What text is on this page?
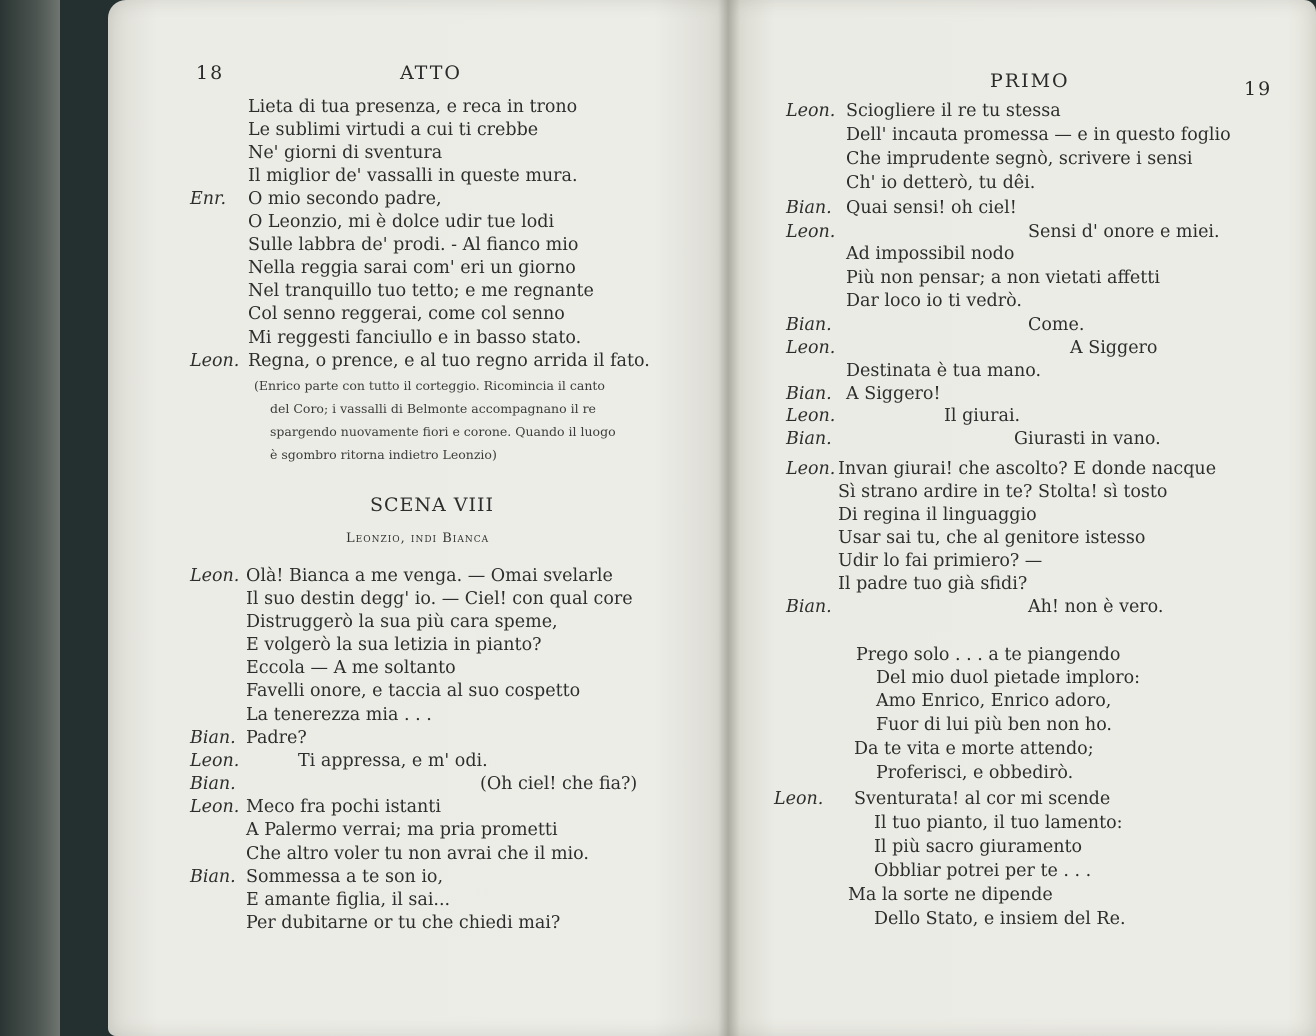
18	ATTO
Lieta di tua presenza, e reca in trono
Le sublimi virtudi a cui ti crebbe
Ne' giorni di sventura
Il miglior de' vassalli in queste mura.
Enr. O mio secondo padre,
O Leonzio, mi è dolce udir tue lodi
Sulle labbra de' prodi. - Al fianco mio
Nella reggia sarai com' eri un giorno
Nel tranquillo tuo tetto; e me regnante
Col senno reggerai, come col senno
Mi reggesti fanciullo e in basso stato.
Leon. Regna, o prence, e al tuo regno arrida il fato.
(Enrico parte con tutto il corteggio. Ricomincia il canto
del Coro; i vassalli di Belmonte accompagnano il re
spargendo nuovamente fiori e corone. Quando il luogo
è sgombro ritorna indietro Leonzio)
SCENA VIII
Leonzio, indi Bianca
Leon. Olà! Bianca a me venga. — Omai svelarle
Il suo destin degg' io. — Ciel! con qual core
Distruggerò la sua più cara speme,
E volgerò la sua letizia in pianto?
Eccola — A me soltanto
Favelli onore, e taccia al suo cospetto
La tenerezza mia . . .
Bian. Padre?
Leon.	Ti appressa, e m' odi.
Bian.	(Oh ciel! che fia?)
Leon. Meco fra pochi istanti
A Palermo verrai; ma pria prometti
Che altro voler tu non avrai che il mio.
Bian. Sommessa a te son io,
E amante figlia, il sai...
Per dubitarne or tu che chiedi mai?
PRIMO	19
Leon. Sciogliere il re tu stessa
Dell' incauta promessa — e in questo foglio
Che imprudente segnò, scrivere i sensi
Ch' io detterò, tu dêi.
Bian. Quai sensi! oh ciel!
Leon.	Sensi d' onore e miei.
Ad impossibil nodo
Più non pensar; a non vietati affetti
Dar loco io ti vedrò.
Bian.	Come.
Leon.	A Siggero
Destinata è tua mano.
Bian. A Siggero!
Leon.	Il giurai.
Bian.	Giurasti in vano.
Leon. Invan giurai! che ascolto? E donde nacque
Sì strano ardire in te? Stolta! sì tosto
Di regina il linguaggio
Usar sai tu, che al genitore istesso
Udir lo fai primiero? —
Il padre tuo già sfidi?
Bian.	Ah! non è vero.
Prego solo . . . a te piangendo
Del mio duol pietade imploro:
Amo Enrico, Enrico adoro,
Fuor di lui più ben non ho.
Da te vita e morte attendo;
Proferisci, e obbedirò.
Leon. Sventurata! al cor mi scende
Il tuo pianto, il tuo lamento:
Il più sacro giuramento
Obbliar potrei per te . . .
Ma la sorte ne dipende
Dello Stato, e insiem del Re.
